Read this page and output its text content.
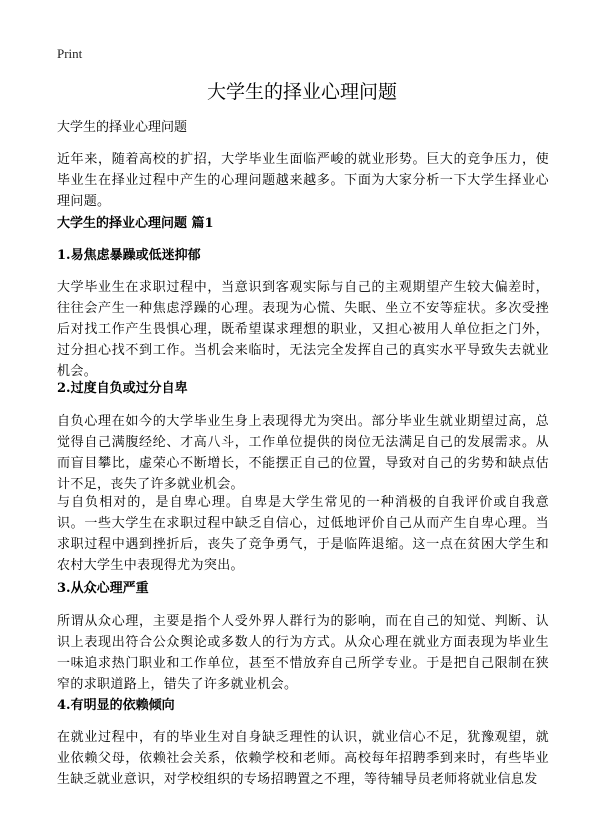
Print
大学生的择业心理问题

大学生的择业心理问题

近年来，随着高校的扩招，大学毕业生面临严峻的就业形势。巨大的竞争压力，使毕业生在择业过程中产生的心理问题越来越多。下面为大家分析一下大学生择业心理问题。

大学生的择业心理问题 篇1
1.易焦虑暴躁或低迷抑郁

大学毕业生在求职过程中，当意识到客观实际与自己的主观期望产生较大偏差时，往往会产生一种焦虑浮躁的心理。表现为心慌、失眠、坐立不安等症状。多次受挫后对找工作产生畏惧心理，既希望谋求理想的职业，又担心被用人单位拒之门外，过分担心找不到工作。当机会来临时，无法完全发挥自己的真实水平导致失去就业机会。

2.过度自负或过分自卑

自负心理在如今的大学毕业生身上表现得尤为突出。部分毕业生就业期望过高，总觉得自己满腹经纶、才高八斗，工作单位提供的岗位无法满足自己的发展需求。从而盲目攀比，虚荣心不断增长，不能摆正自己的位置，导致对自己的劣势和缺点估计不足，丧失了许多就业机会。

与自负相对的，是自卑心理。自卑是大学生常见的一种消极的自我评价或自我意识。一些大学生在求职过程中缺乏自信心，过低地评价自己从而产生自卑心理。当求职过程中遇到挫折后，丧失了竞争勇气，于是临阵退缩。这一点在贫困大学生和农村大学生中表现得尤为突出。

3.从众心理严重

所谓从众心理，主要是指个人受外界人群行为的影响，而在自己的知觉、判断、认识上表现出符合公众舆论或多数人的行为方式。从众心理在就业方面表现为毕业生一味追求热门职业和工作单位，甚至不惜放弃自己所学专业。于是把自己限制在狭窄的求职道路上，错失了许多就业机会。

4.有明显的依赖倾向

在就业过程中，有的毕业生对自身缺乏理性的认识，就业信心不足，犹豫观望，就业依赖父母，依赖社会关系，依赖学校和老师。高校每年招聘季到来时，有些毕业生缺乏就业意识，对学校组织的专场招聘置之不理，等待辅导员老师将就业信息发
